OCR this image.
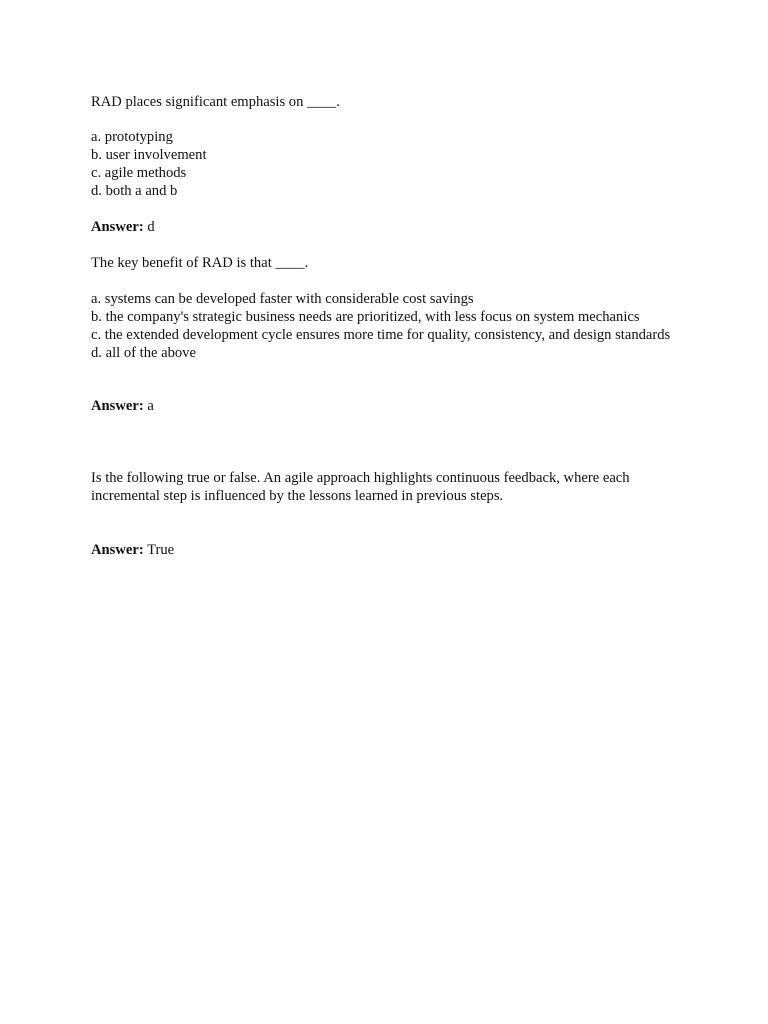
RAD places significant emphasis on ____.
a. prototyping
b. user involvement
c. agile methods
d. both a and b
Answer: d
The key benefit of RAD is that ____.
a. systems can be developed faster with considerable cost savings
b. the company's strategic business needs are prioritized, with less focus on system mechanics
c. the extended development cycle ensures more time for quality, consistency, and design standards
d. all of the above
Answer: a
Is the following true or false. An agile approach highlights continuous feedback, where each incremental step is influenced by the lessons learned in previous steps.
Answer: True
